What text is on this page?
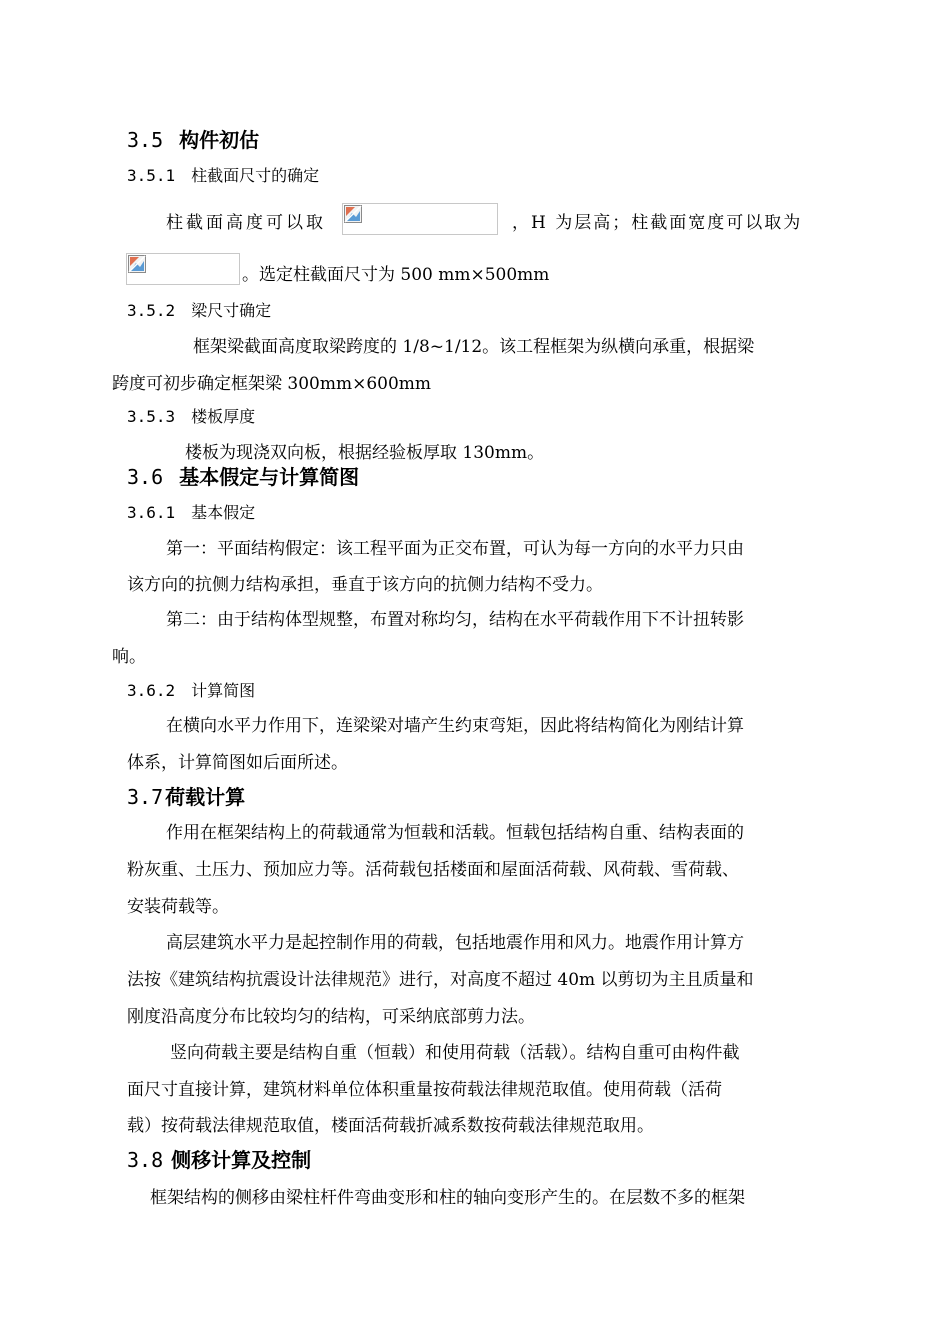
3.5 构件初估
3.5.1 柱截面尺寸的确定
柱截面高度可以取	，H 为层高；柱截面宽度可以取为
。选定柱截面尺寸为 500 mm×500mm
3.5.2 梁尺寸确定
框架梁截面高度取梁跨度的 1/8~1/12。该工程框架为纵横向承重，根据梁
跨度可初步确定框架梁 300mm×600mm
3.5.3 楼板厚度
楼板为现浇双向板，根据经验板厚取 130mm。
3.6 基本假定与计算简图
3.6.1 基本假定
第一：平面结构假定：该工程平面为正交布置，可认为每一方向的水平力只由
该方向的抗侧力结构承担，垂直于该方向的抗侧力结构不受力。
第二：由于结构体型规整，布置对称均匀，结构在水平荷载作用下不计扭转影
响。
3.6.2 计算简图
在横向水平力作用下，连梁梁对墙产生约束弯矩，因此将结构简化为刚结计算
体系，计算简图如后面所述。
3.7 荷载计算
作用在框架结构上的荷载通常为恒载和活载。恒载包括结构自重、结构表面的
粉灰重、土压力、预加应力等。活荷载包括楼面和屋面活荷载、风荷载、雪荷载、
安装荷载等。
高层建筑水平力是起控制作用的荷载，包括地震作用和风力。地震作用计算方
法按《建筑结构抗震设计法律规范》进行，对高度不超过 40m 以剪切为主且质量和
刚度沿高度分布比较均匀的结构，可采纳底部剪力法。
竖向荷载主要是结构自重（恒载）和使用荷载（活载）。结构自重可由构件截
面尺寸直接计算，建筑材料单位体积重量按荷载法律规范取值。使用荷载（活荷
载）按荷载法律规范取值，楼面活荷载折减系数按荷载法律规范取用。
3.8 侧移计算及控制
框架结构的侧移由梁柱杆件弯曲变形和柱的轴向变形产生的。在层数不多的框架
